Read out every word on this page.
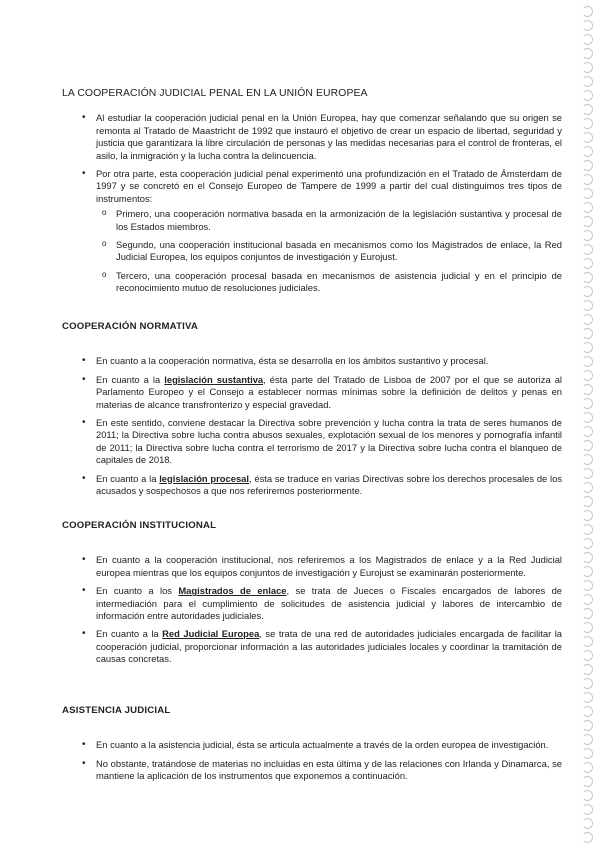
LA COOPERACIÓN JUDICIAL PENAL EN LA UNIÓN EUROPEA
• Al estudiar la cooperación judicial penal en la Unión Europea, hay que comenzar señalando que su origen se remonta al Tratado de Maastricht de 1992 que instauró el objetivo de crear un espacio de libertad, seguridad y justicia que garantizara la libre circulación de personas y las medidas necesarias para el control de fronteras, el asilo, la inmigración y la lucha contra la delincuencia.
• Por otra parte, esta cooperación judicial penal experimentó una profundización en el Tratado de Ámsterdam de 1997 y se concretó en el Consejo Europeo de Tampere de 1999 a partir del cual distinguimos tres tipos de instrumentos:
o Primero, una cooperación normativa basada en la armonización de la legislación sustantiva y procesal de los Estados miembros.
o Segundo, una cooperación institucional basada en mecanismos como los Magistrados de enlace, la Red Judicial Europea, los equipos conjuntos de investigación y Eurojust.
o Tercero, una cooperación procesal basada en mecanismos de asistencia judicial y en el principio de reconocimiento mutuo de resoluciones judiciales.
COOPERACIÓN NORMATIVA
• En cuanto a la cooperación normativa, ésta se desarrolla en los ámbitos sustantivo y procesal.
• En cuanto a la legislación sustantiva, ésta parte del Tratado de Lisboa de 2007 por el que se autoriza al Parlamento Europeo y el Consejo a establecer normas mínimas sobre la definición de delitos y penas en materias de alcance transfronterizo y especial gravedad.
• En este sentido, conviene destacar la Directiva sobre prevención y lucha contra la trata de seres humanos de 2011; la Directiva sobre lucha contra abusos sexuales, explotación sexual de los menores y pornografía infantil de 2011; la Directiva sobre lucha contra el terrorismo de 2017 y la Directiva sobre lucha contra el blanqueo de capitales de 2018.
• En cuanto a la legislación procesal, ésta se traduce en varias Directivas sobre los derechos procesales de los acusados y sospechosos a que nos referiremos posteriormente.
COOPERACIÓN INSTITUCIONAL
• En cuanto a la cooperación institucional, nos referiremos a los Magistrados de enlace y a la Red Judicial europea mientras que los equipos conjuntos de investigación y Eurojust se examinarán posteriormente.
• En cuanto a los Magistrados de enlace, se trata de Jueces o Fiscales encargados de labores de intermediación para el cumplimiento de solicitudes de asistencia judicial y labores de intercambio de información entre autoridades judiciales.
• En cuanto a la Red Judicial Europea, se trata de una red de autoridades judiciales encargada de facilitar la cooperación judicial, proporcionar información a las autoridades judiciales locales y coordinar la tramitación de causas concretas.
ASISTENCIA JUDICIAL
• En cuanto a la asistencia judicial, ésta se articula actualmente a través de la orden europea de investigación.
• No obstante, tratándose de materias no incluidas en esta última y de las relaciones con Irlanda y Dinamarca, se mantiene la aplicación de los instrumentos que exponemos a continuación.
